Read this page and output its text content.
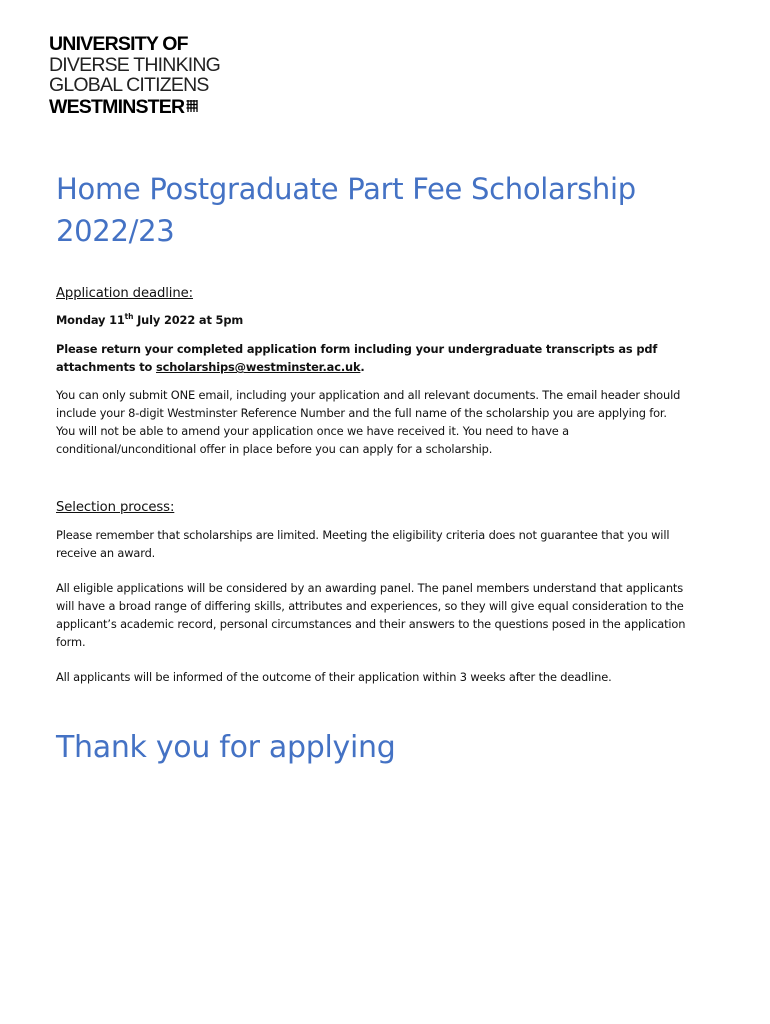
UNIVERSITY OF
DIVERSE THINKING
GLOBAL CITIZENS
WESTMINSTER
Home Postgraduate Part Fee Scholarship
2022/23

Application deadline:

Monday 11th July 2022 at 5pm

Please return your completed application form including your undergraduate transcripts as pdf attachments to scholarships@westminster.ac.uk.

You can only submit ONE email, including your application and all relevant documents. The email header should include your 8-digit Westminster Reference Number and the full name of the scholarship you are applying for. You will not be able to amend your application once we have received it. You need to have a conditional/unconditional offer in place before you can apply for a scholarship.

Selection process:

Please remember that scholarships are limited. Meeting the eligibility criteria does not guarantee that you will receive an award.

All eligible applications will be considered by an awarding panel. The panel members understand that applicants will have a broad range of differing skills, attributes and experiences, so they will give equal consideration to the applicant’s academic record, personal circumstances and their answers to the questions posed in the application form.

All applicants will be informed of the outcome of their application within 3 weeks after the deadline.

Thank you for applying
